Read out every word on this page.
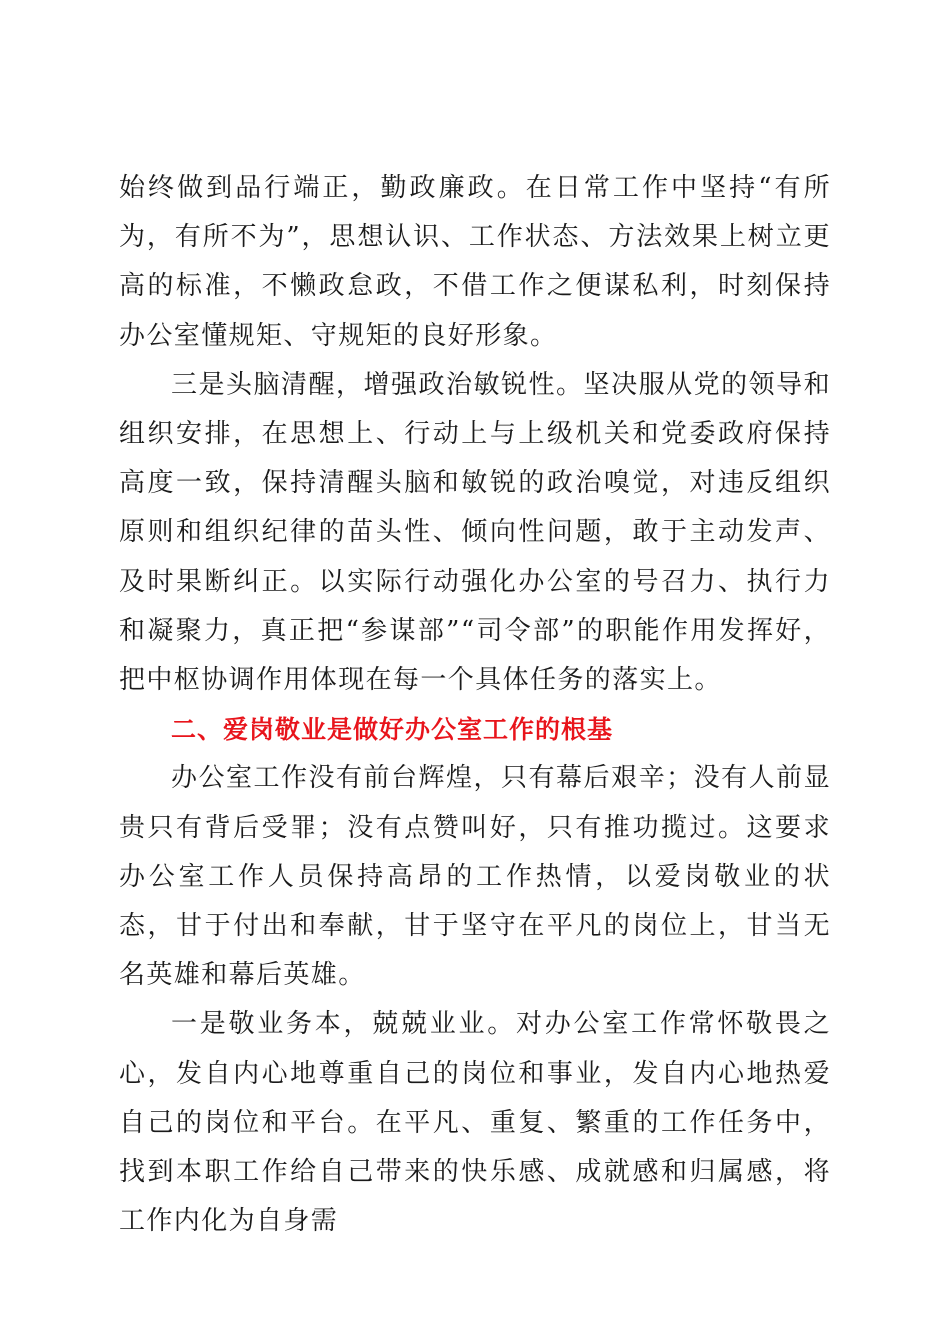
始终做到品行端正，勤政廉政。在日常工作中坚持“有所为，有所不为”，思想认识、工作状态、方法效果上树立更高的标准，不懒政怠政，不借工作之便谋私利，时刻保持办公室懂规矩、守规矩的良好形象。

三是头脑清醒，增强政治敏锐性。坚决服从党的领导和组织安排，在思想上、行动上与上级机关和党委政府保持高度一致，保持清醒头脑和敏锐的政治嗅觉，对违反组织原则和组织纪律的苗头性、倾向性问题，敢于主动发声、及时果断纠正。以实际行动强化办公室的号召力、执行力和凝聚力，真正把“参谋部”“司令部”的职能作用发挥好，把中枢协调作用体现在每一个具体任务的落实上。

二、爱岗敬业是做好办公室工作的根基

办公室工作没有前台辉煌，只有幕后艰辛；没有人前显贵只有背后受罪；没有点赞叫好，只有推功揽过。这要求办公室工作人员保持高昂的工作热情，以爱岗敬业的状态，甘于付出和奉献，甘于坚守在平凡的岗位上，甘当无名英雄和幕后英雄。

一是敬业务本，兢兢业业。对办公室工作常怀敬畏之心，发自内心地尊重自己的岗位和事业，发自内心地热爱自己的岗位和平台。在平凡、重复、繁重的工作任务中，找到本职工作给自己带来的快乐感、成就感和归属感，将工作内化为自身需
